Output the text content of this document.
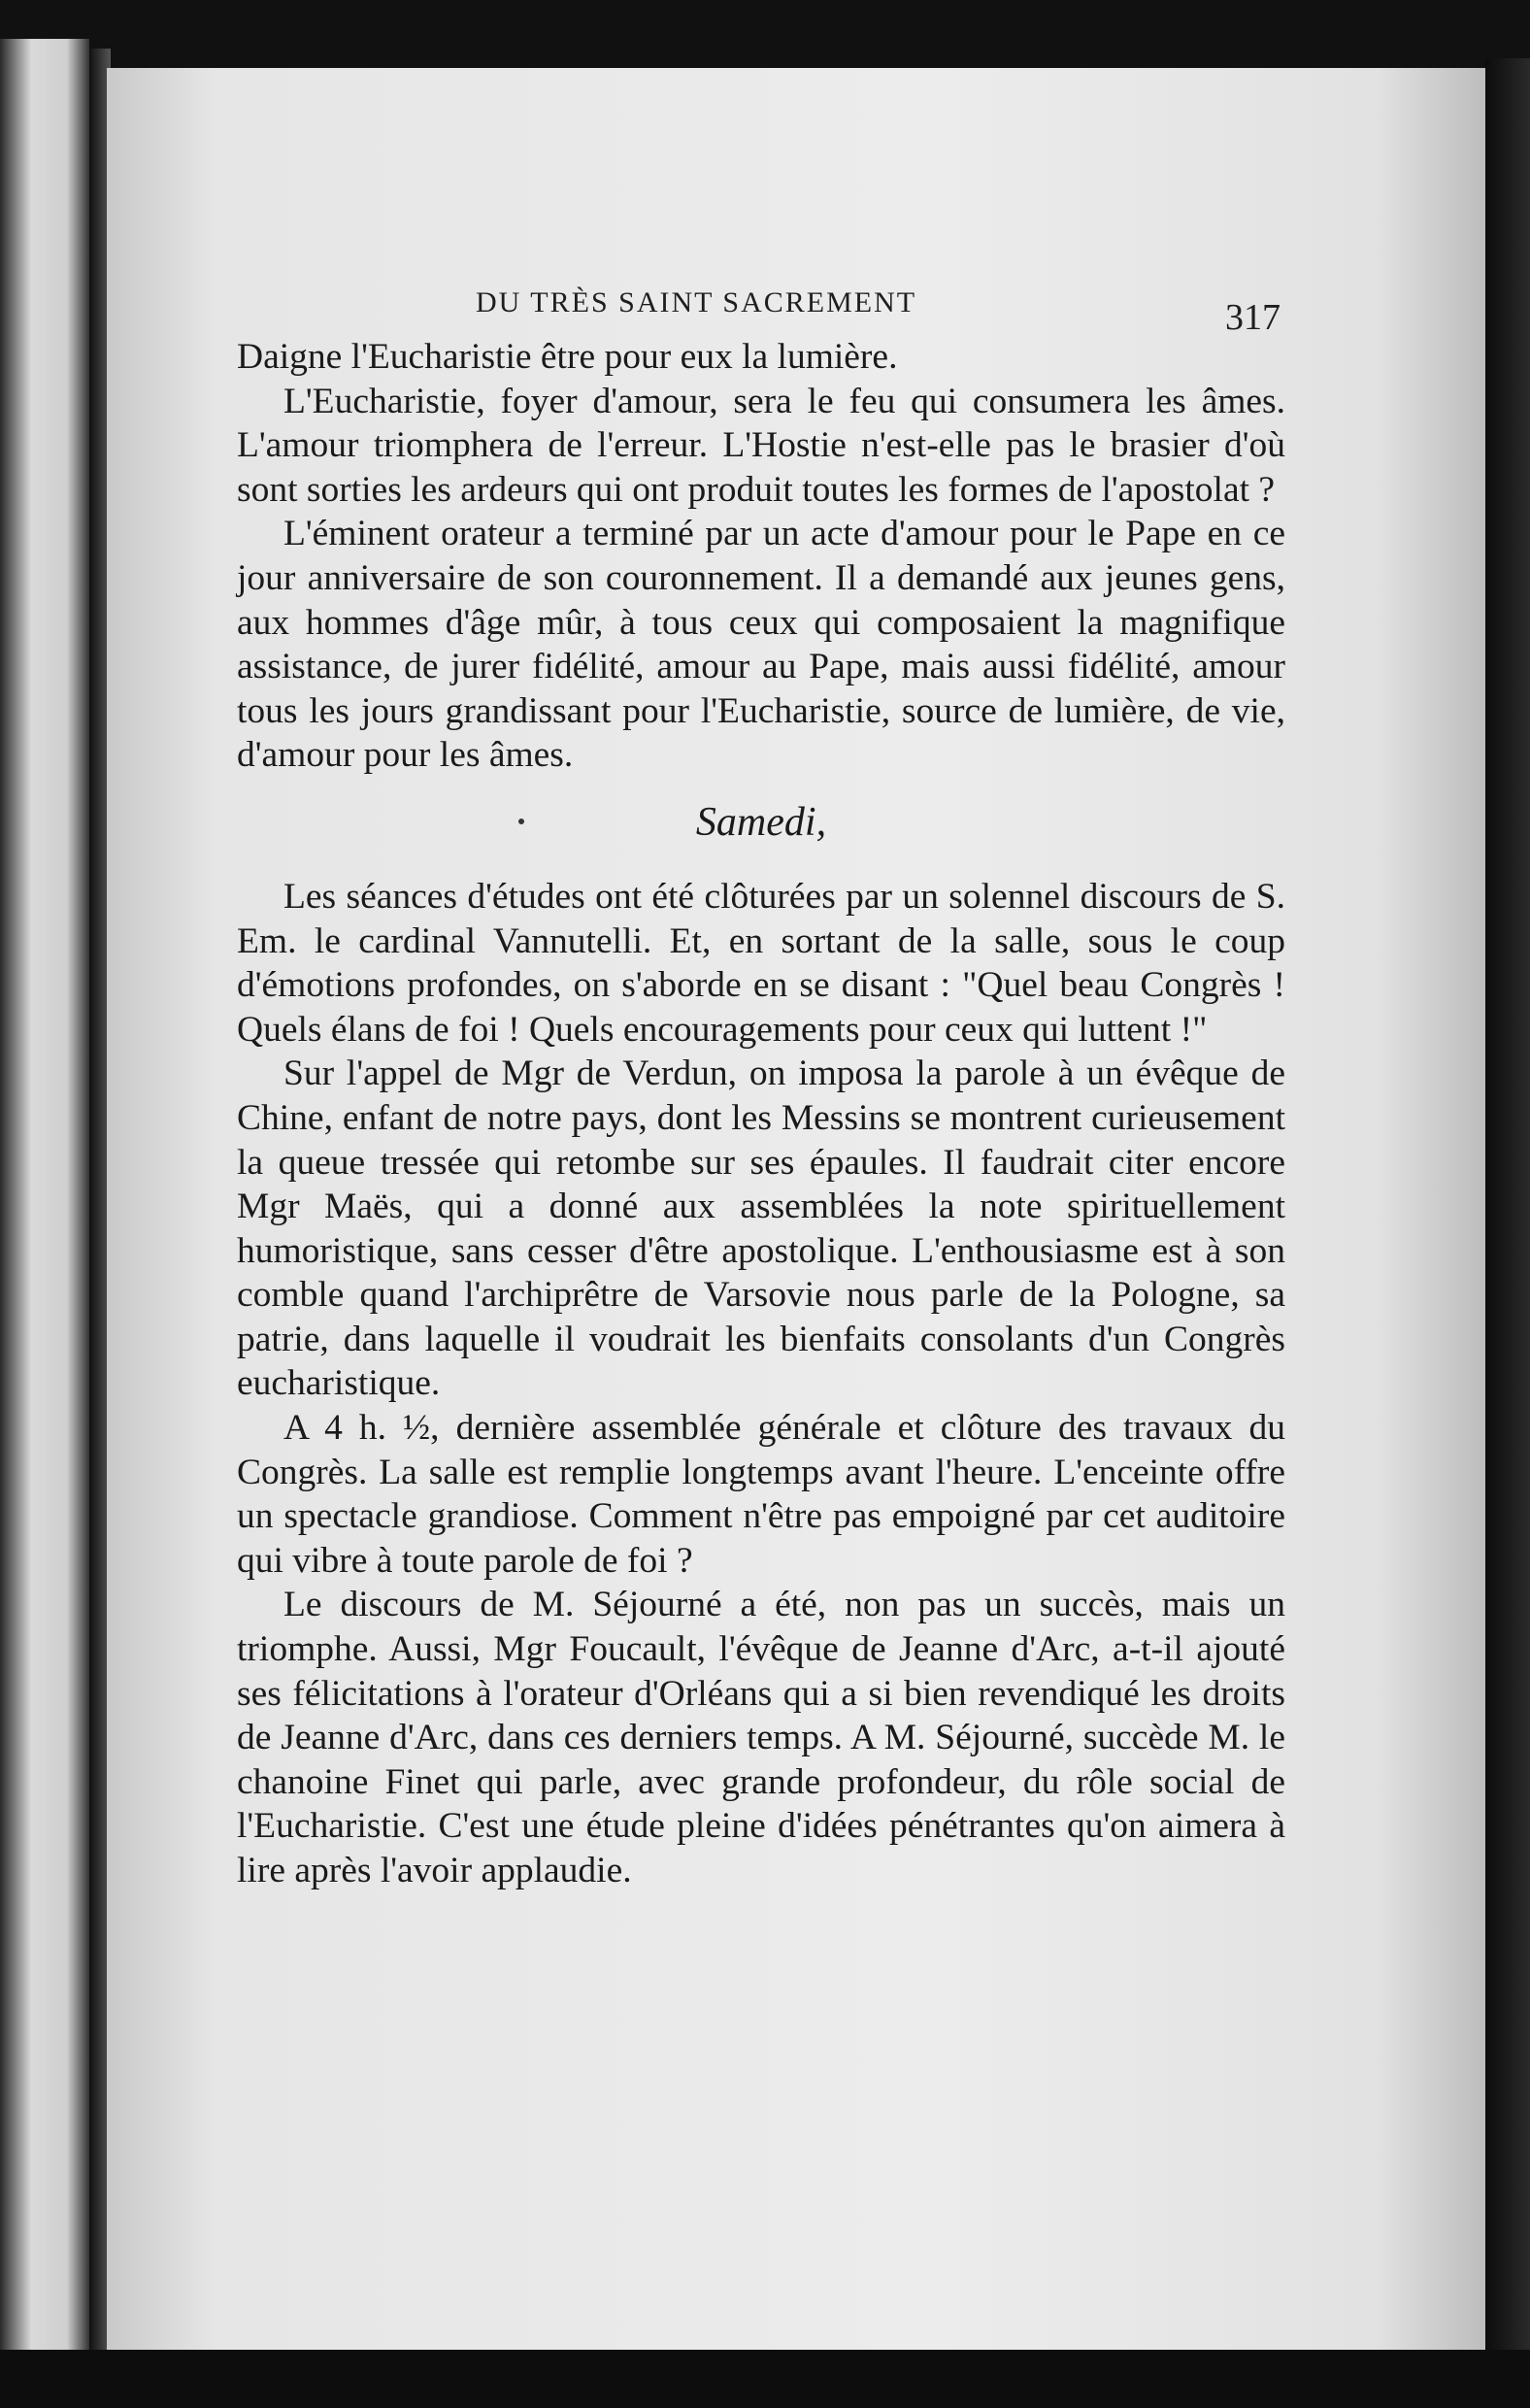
DU TRÈS SAINT SACREMENT	317

Daigne l'Eucharistie être pour eux la lumière.

L'Eucharistie, foyer d'amour, sera le feu qui consumera les âmes. L'amour triomphera de l'erreur. L'Hostie n'est-elle pas le brasier d'où sont sorties les ardeurs qui ont produit toutes les formes de l'apostolat ?

L'éminent orateur a terminé par un acte d'amour pour le Pape en ce jour anniversaire de son couronnement. Il a demandé aux jeunes gens, aux hommes d'âge mûr, à tous ceux qui composaient la magnifique assistance, de jurer fidélité, amour au Pape, mais aussi fidélité, amour tous les jours grandissant pour l'Eucharistie, source de lumière, de vie, d'amour pour les âmes.

Samedi,

Les séances d'études ont été clôturées par un solennel discours de S. Em. le cardinal Vannutelli. Et, en sortant de la salle, sous le coup d'émotions profondes, on s'aborde en se disant : "Quel beau Congrès ! Quels élans de foi ! Quels encouragements pour ceux qui luttent !"

Sur l'appel de Mgr de Verdun, on imposa la parole à un évêque de Chine, enfant de notre pays, dont les Messins se montrent curieusement la queue tressée qui retombe sur ses épaules. Il faudrait citer encore Mgr Maës, qui a donné aux assemblées la note spirituellement humoristique, sans cesser d'être apostolique. L'enthousiasme est à son comble quand l'archiprêtre de Varsovie nous parle de la Pologne, sa patrie, dans laquelle il voudrait les bienfaits consolants d'un Congrès eucharistique.

A 4 h. ½, dernière assemblée générale et clôture des travaux du Congrès. La salle est remplie longtemps avant l'heure. L'enceinte offre un spectacle grandiose. Comment n'être pas empoigné par cet auditoire qui vibre à toute parole de foi ?

Le discours de M. Séjourné a été, non pas un succès, mais un triomphe. Aussi, Mgr Foucault, l'évêque de Jeanne d'Arc, a-t-il ajouté ses félicitations à l'orateur d'Orléans qui a si bien revendiqué les droits de Jeanne d'Arc, dans ces derniers temps. A M. Séjourné, succède M. le chanoine Finet qui parle, avec grande profondeur, du rôle social de l'Eucharistie. C'est une étude pleine d'idées pénétrantes qu'on aimera à lire après l'avoir applaudie.
